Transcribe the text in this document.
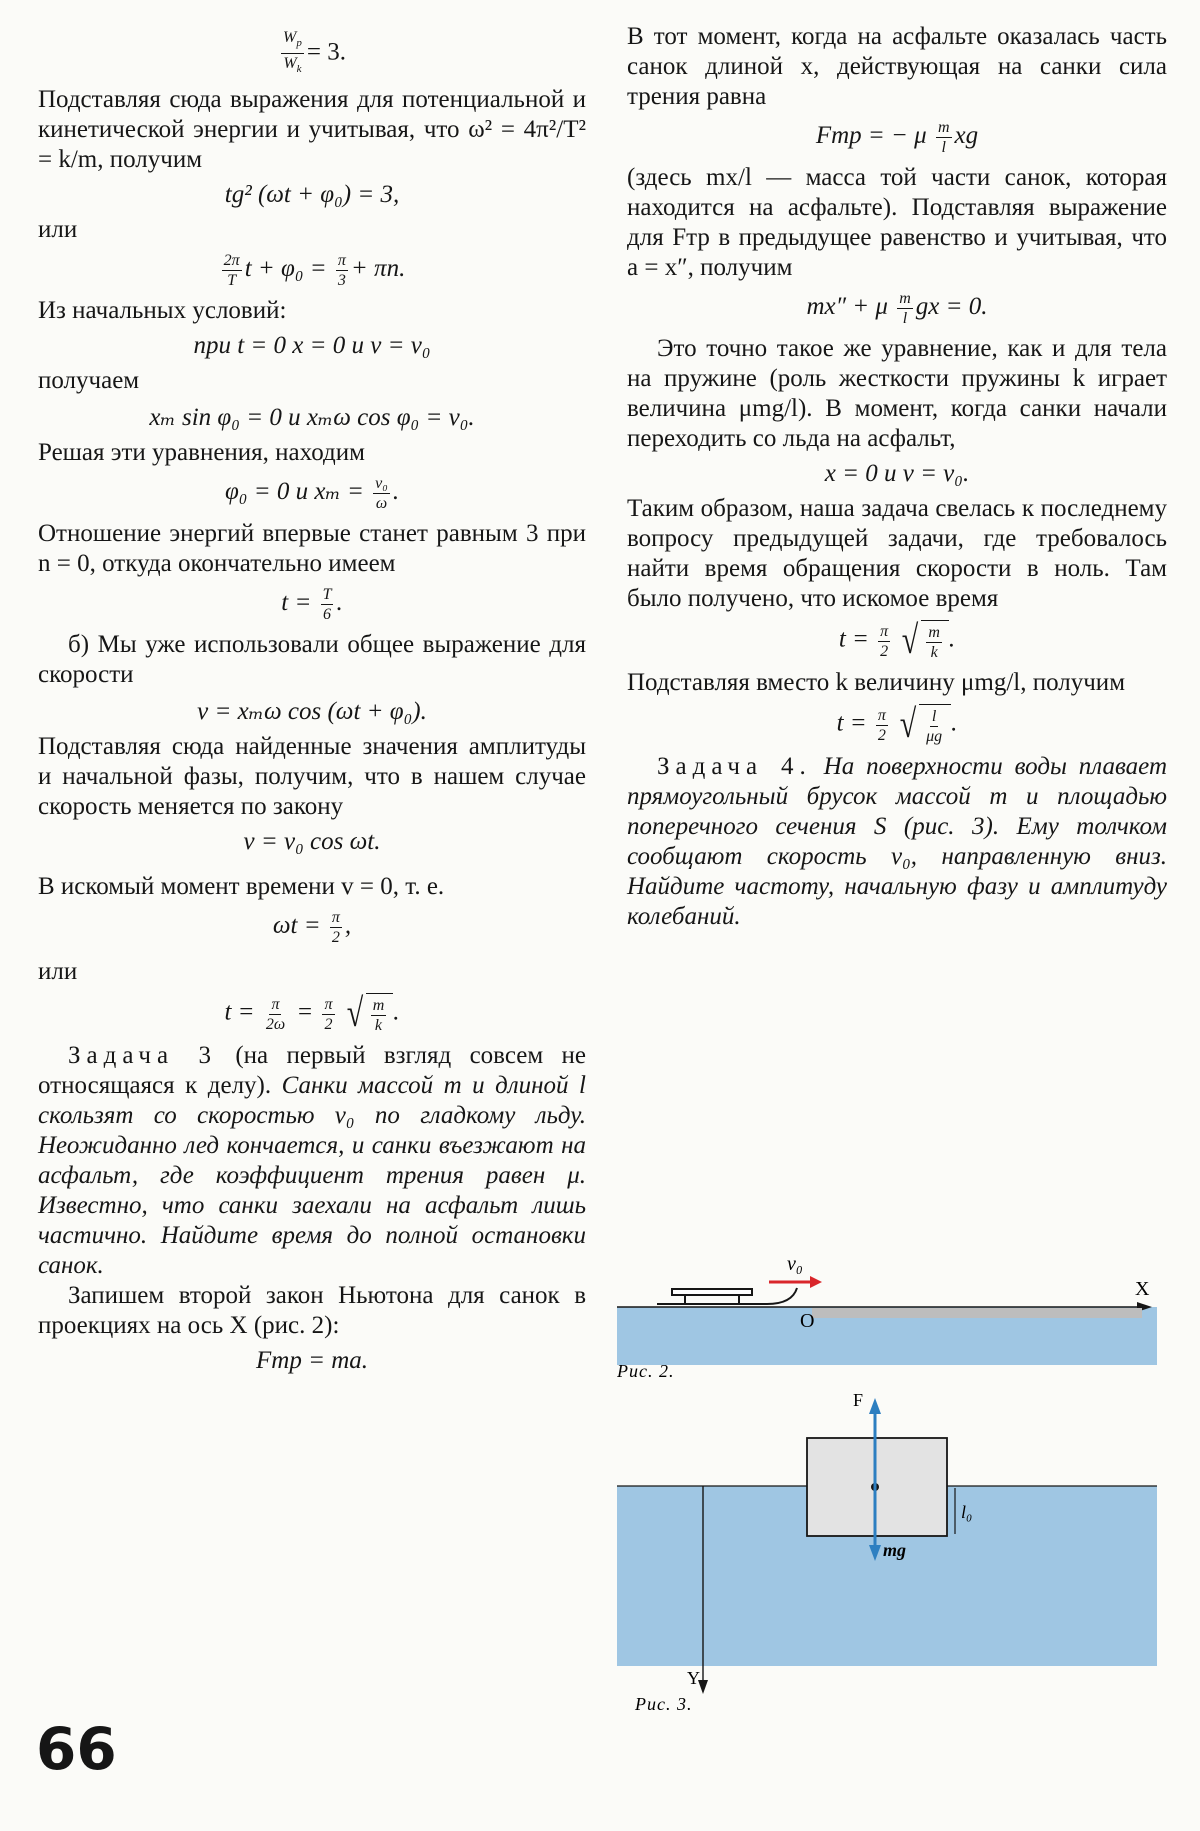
$\frac{W_p}{W_k} = 3$.

Подставляя сюда выражения для потенциальной и кинетической энергии и учитывая, что ω² = 4π²/T² = k/m, получим

tg² (ωt + φ₀) = 3,

или

$\frac{2\pi}{T}$ $t + \varphi_0 = \frac{\pi}{3} + \pi n$.

Из начальных условий:

при t = 0 x = 0 и v = v₀

получаем

xₘ sin φ₀ = 0 и xₘω cos φ₀ = v₀.

Решая эти уравнения, находим

φ₀ = 0 и $x_m = \frac{\text{v₀}}{\omega}$ .

Отношение энергий впервые станет равным 3 при n = 0, откуда окончательно имеем

$t = \frac{T}{6}$ .

б) Мы уже использовали общее выражение для скорости

v = xₘω cos (ωt + φ₀).

Подставляя сюда найденные значения амплитуды и начальной фазы, получим, что в нашем случае скорость меняется по закону

v = v₀ cos ωt.

В искомый момент времени v = 0, т. е.

$\omega t = \frac{\pi}{2}$ ,

или

$t = \frac{\pi}{2\omega} = \frac{\pi}{2}$
√ $\frac{m}{k}$ .

Задача 3 (на первый взгляд совсем не относящаяся к делу). Санки массой m и длиной l скользят со скоростью v₀ по гладкому льду. Неожиданно лед кончается, и санки въезжают на асфальт, где коэффициент трения равен μ. Известно, что санки заехали на асфальт лишь частично. Найдите время до полной остановки санок.

Запишем второй закон Ньютона для санок в проекциях на ось X (рис. 2):

Fтр = ma.

В тот момент, когда на асфальте оказалась часть санок длиной x, действующая на санки сила трения равна

Fтр = − μ $\frac{m}{l}$ xg

(здесь mx/l — масса той части санок, которая находится на асфальте). Подставляя выражение для Fтр в предыдущее равенство и учитывая, что a = x″, получим

mx″ + μ $\frac{m}{l}$ gx = 0.

Это точно такое же уравнение, как и для тела на пружине (роль жесткости пружины k играет величина μmg/l). В момент, когда санки начали переходить со льда на асфальт,

x = 0 и v = v₀.

Таким образом, наша задача свелась к последнему вопросу предыдущей задачи, где требовалось найти время обращения скорости в ноль. Там было получено, что искомое время

$t = \frac{\pi}{2}$
√ $\frac{m}{k}$ .

Подставляя вместо k величину μmg/l, получим

$t = \frac{\pi}{2}$
√ $\frac{l}{\mu g}$ .

Задача 4. На поверхности воды плавает прямоугольный брусок массой m и площадью поперечного сечения S (рис. 3). Ему толчком сообщают скорость v₀, направленную вниз. Найдите частоту, начальную фазу и амплитуду колебаний.

v₀
O
X
Рис. 2.
F
mg
l₀
Y
Рис. 3.
66
